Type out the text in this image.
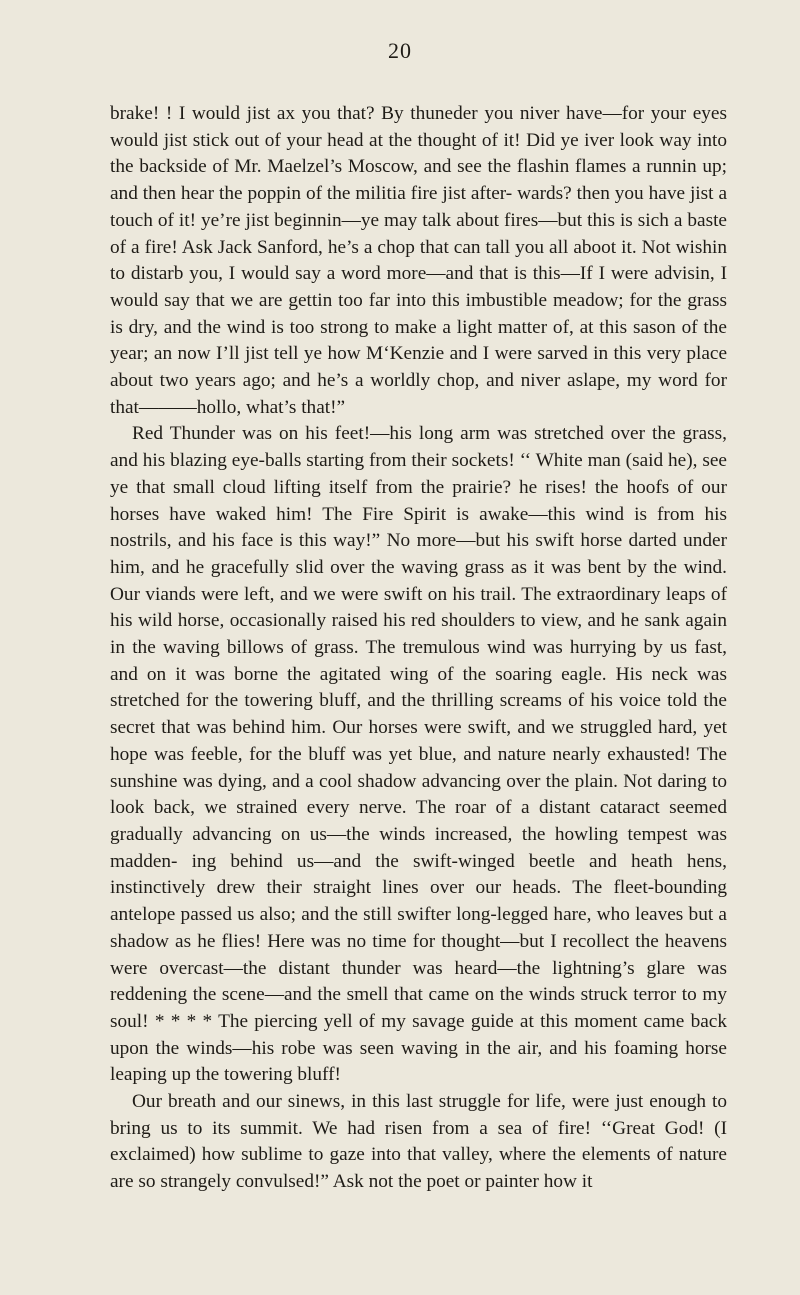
20

brake! ! I would jist ax you that? By thuneder you niver have—for your eyes would jist stick out of your head at the thought of it! Did ye iver look way into the backside of Mr. Maelzel’s Moscow, and see the flashin flames a runnin up; and then hear the poppin of the militia fire jist after- wards? then you have jist a touch of it! ye’re jist beginnin—ye may talk about fires—but this is sich a baste of a fire! Ask Jack Sanford, he’s a chop that can tall you all aboot it. Not wishin to distarb you, I would say a word more—and that is this—If I were advisin, I would say that we are gettin too far into this imbustible meadow; for the grass is dry, and the wind is too strong to make a light matter of, at this sason of the year; an now I’ll jist tell ye how M‘Kenzie and I were sarved in this very place about two years ago; and he’s a worldly chop, and niver aslape, my word for that———hollo, what’s that!”

Red Thunder was on his feet!—his long arm was stretched over the grass, and his blazing eye-balls starting from their sockets! ‘‘ White man (said he), see ye that small cloud lifting itself from the prairie? he rises! the hoofs of our horses have waked him! The Fire Spirit is awake—this wind is from his nostrils, and his face is this way!” No more—but his swift horse darted under him, and he gracefully slid over the waving grass as it was bent by the wind. Our viands were left, and we were swift on his trail. The extraordinary leaps of his wild horse, occasionally raised his red shoulders to view, and he sank again in the waving billows of grass. The tremulous wind was hurrying by us fast, and on it was borne the agitated wing of the soaring eagle. His neck was stretched for the towering bluff, and the thrilling screams of his voice told the secret that was behind him. Our horses were swift, and we struggled hard, yet hope was feeble, for the bluff was yet blue, and nature nearly exhausted! The sunshine was dying, and a cool shadow advancing over the plain. Not daring to look back, we strained every nerve. The roar of a distant cataract seemed gradually advancing on us—the winds increased, the howling tempest was madden- ing behind us—and the swift-winged beetle and heath hens, instinctively drew their straight lines over our heads. The fleet-bounding antelope passed us also; and the still swifter long-legged hare, who leaves but a shadow as he flies! Here was no time for thought—but I recollect the heavens were overcast—the distant thunder was heard—the lightning’s glare was reddening the scene—and the smell that came on the winds struck terror to my soul! * * * * The piercing yell of my savage guide at this moment came back upon the winds—his robe was seen waving in the air, and his foaming horse leaping up the towering bluff!

Our breath and our sinews, in this last struggle for life, were just enough to bring us to its summit. We had risen from a sea of fire! ‘‘Great God! (I exclaimed) how sublime to gaze into that valley, where the elements of nature are so strangely convulsed!” Ask not the poet or painter how it
